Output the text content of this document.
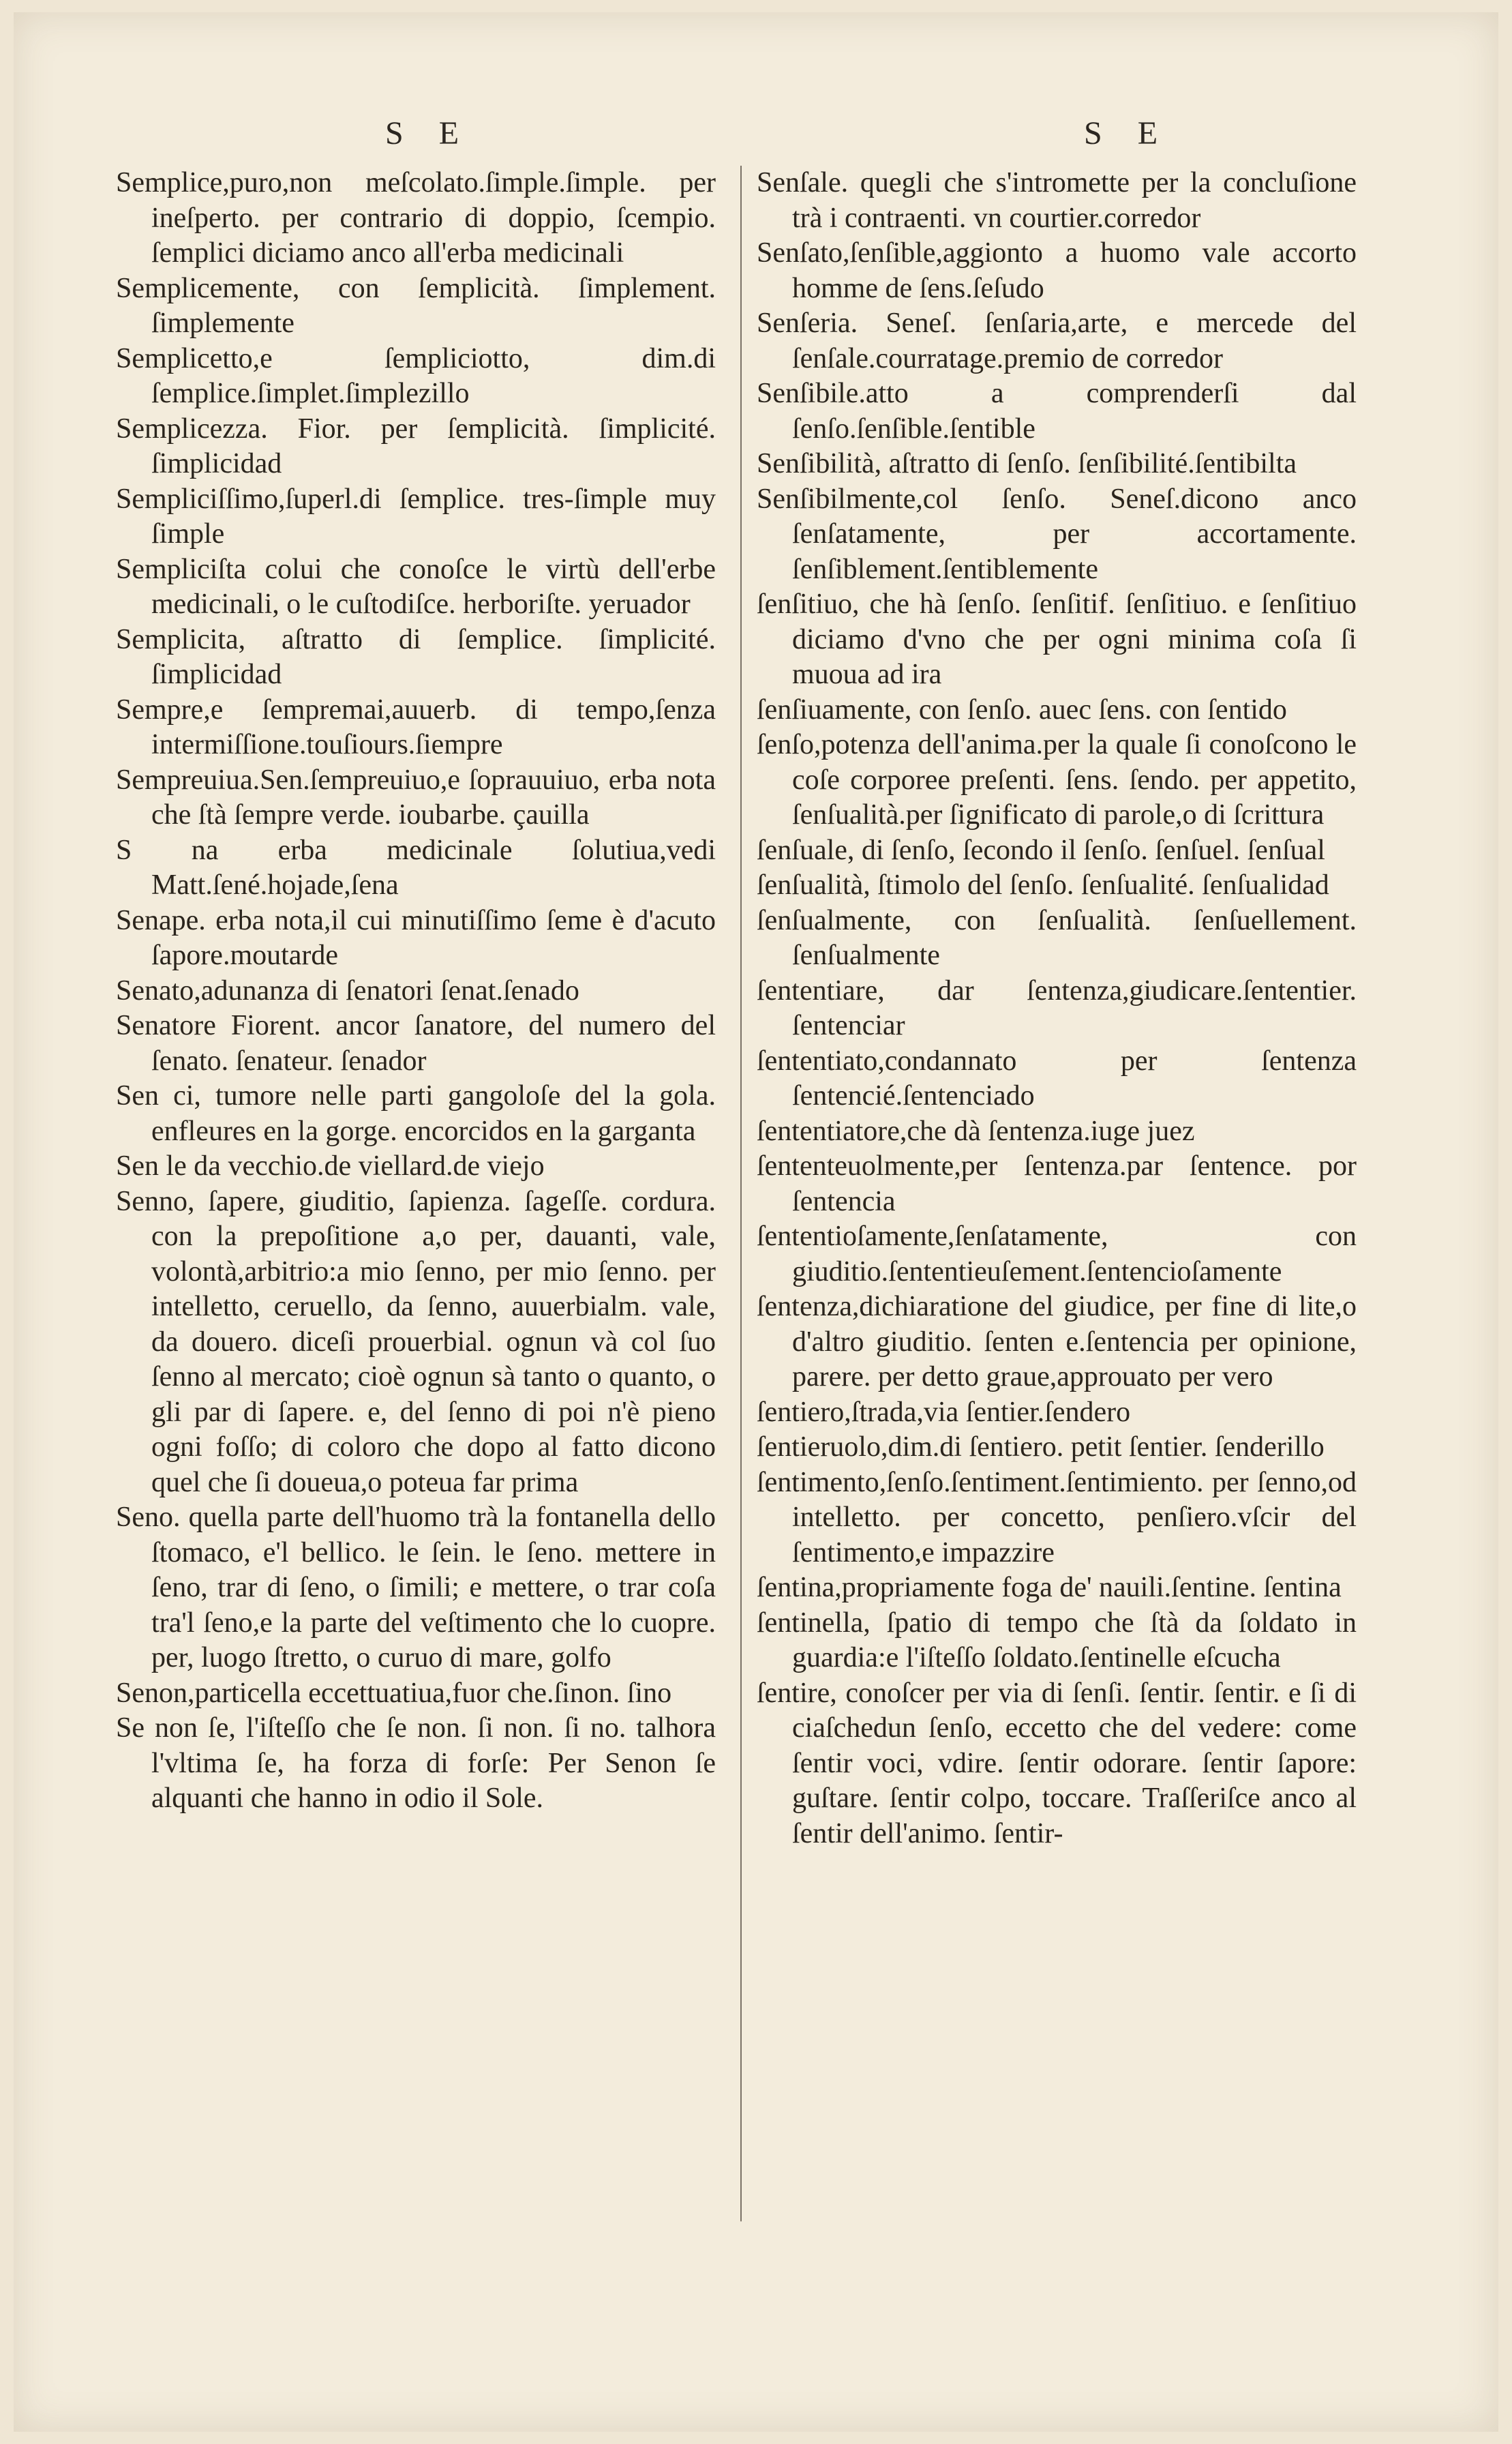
S E	S E

Semplice,puro,non meſcolato.ſimple.ſimple. per ineſperto. per contrario di doppio, ſcempio. ſemplici diciamo anco all'erba medicinali

Semplicemente, con ſemplicità. ſimplement. ſimplemente

Semplicetto,e ſempliciotto, dim.di ſemplice.ſimplet.ſimplezillo

Semplicezza. Fior. per ſemplicità. ſimplicité. ſimplicidad

Sempliciſſimo,ſuperl.di ſemplice. tres-ſimple muy ſimple

Sempliciſta colui che conoſce le virtù dell'erbe medicinali, o le cuſtodiſce. herboriſte. yeruador

Semplicita, aſtratto di ſemplice. ſimplicité. ſimplicidad

Sempre,e ſempremai,auuerb. di tempo,ſenza intermiſſione.touſiours.ſiempre

Sempreuiua.Sen.ſempreuiuo,e ſoprauuiuo, erba nota che ſtà ſempre verde. ioubarbe. çauilla

S na erba medicinale ſolutiua,vedi Matt.ſené.hojade,ſena

Senape. erba nota,il cui minutiſſimo ſeme è d'acuto ſapore.moutarde

Senato,adunanza di ſenatori ſenat.ſenado

Senatore Fiorent. ancor ſanatore, del numero del ſenato. ſenateur. ſenador

Sen ci, tumore nelle parti gangoloſe del la gola. enfleures en la gorge. encorcidos en la garganta

Sen le da vecchio.de viellard.de viejo

Senno, ſapere, giuditio, ſapienza. ſageſſe. cordura. con la prepoſitione a,o per, dauanti, vale, volontà,arbitrio:a mio ſenno, per mio ſenno. per intelletto, ceruello, da ſenno, auuerbialm. vale, da douero. diceſi prouerbial. ognun và col ſuo ſenno al mercato; cioè ognun sà tanto o quanto, o gli par di ſapere. e, del ſenno di poi n'è pieno ogni foſſo; di coloro che dopo al fatto dicono quel che ſi doueua,o poteua far prima

Seno. quella parte dell'huomo trà la fontanella dello ſtomaco, e'l bellico. le ſein. le ſeno. mettere in ſeno, trar di ſeno, o ſimili; e mettere, o trar coſa tra'l ſeno,e la parte del veſtimento che lo cuopre. per, luogo ſtretto, o curuo di mare, golfo

Senon,particella eccettuatiua,fuor che.ſinon. ſino

Se non ſe, l'iſteſſo che ſe non. ſi non. ſi no. talhora l'vltima ſe, ha forza di forſe: Per Senon ſe alquanti che hanno in odio il Sole.

Senſale. quegli che s'intromette per la concluſione trà i contraenti. vn courtier.corredor

Senſato,ſenſible,aggionto a huomo vale accorto homme de ſens.ſeſudo

Senſeria. Seneſ. ſenſaria,arte, e mercede del ſenſale.courratage.premio de corredor

Senſibile.atto a comprenderſi dal ſenſo.ſenſible.ſentible

Senſibilità, aſtratto di ſenſo. ſenſibilité.ſentibilta

Senſibilmente,col ſenſo. Seneſ.dicono anco ſenſatamente, per accortamente. ſenſiblement.ſentiblemente

ſenſitiuo, che hà ſenſo. ſenſitif. ſenſitiuo. e ſenſitiuo diciamo d'vno che per ogni minima coſa ſi muoua ad ira

ſenſiuamente, con ſenſo. auec ſens. con ſentido

ſenſo,potenza dell'anima.per la quale ſi conoſcono le coſe corporee preſenti. ſens. ſendo. per appetito, ſenſualità.per ſignificato di parole,o di ſcrittura

ſenſuale, di ſenſo, ſecondo il ſenſo. ſenſuel. ſenſual

ſenſualità, ſtimolo del ſenſo. ſenſualité. ſenſualidad

ſenſualmente, con ſenſualità. ſenſuellement. ſenſualmente

ſententiare, dar ſentenza,giudicare.ſententier. ſentenciar

ſententiato,condannato per ſentenza ſentencié.ſentenciado

ſententiatore,che dà ſentenza.iuge juez

ſententeuolmente,per ſentenza.par ſentence. por ſentencia

ſententioſamente,ſenſatamente, con giuditio.ſententieuſement.ſentencioſamente

ſentenza,dichiaratione del giudice, per fine di lite,o d'altro giuditio. ſenten e.ſentencia per opinione, parere. per detto graue,approuato per vero

ſentiero,ſtrada,via ſentier.ſendero

ſentieruolo,dim.di ſentiero. petit ſentier. ſenderillo

ſentimento,ſenſo.ſentiment.ſentimiento. per ſenno,od intelletto. per concetto, penſiero.vſcir del ſentimento,e impazzire

ſentina,propriamente foga de' nauili.ſentine. ſentina

ſentinella, ſpatio di tempo che ſtà da ſoldato in guardia:e l'iſteſſo ſoldato.ſentinelle eſcucha

ſentire, conoſcer per via di ſenſi. ſentir. ſentir. e ſi di ciaſchedun ſenſo, eccetto che del vedere: come ſentir voci, vdire. ſentir odorare. ſentir ſapore: guſtare. ſentir colpo, toccare. Traſſeriſce anco al ſentir dell'animo. ſentir-
